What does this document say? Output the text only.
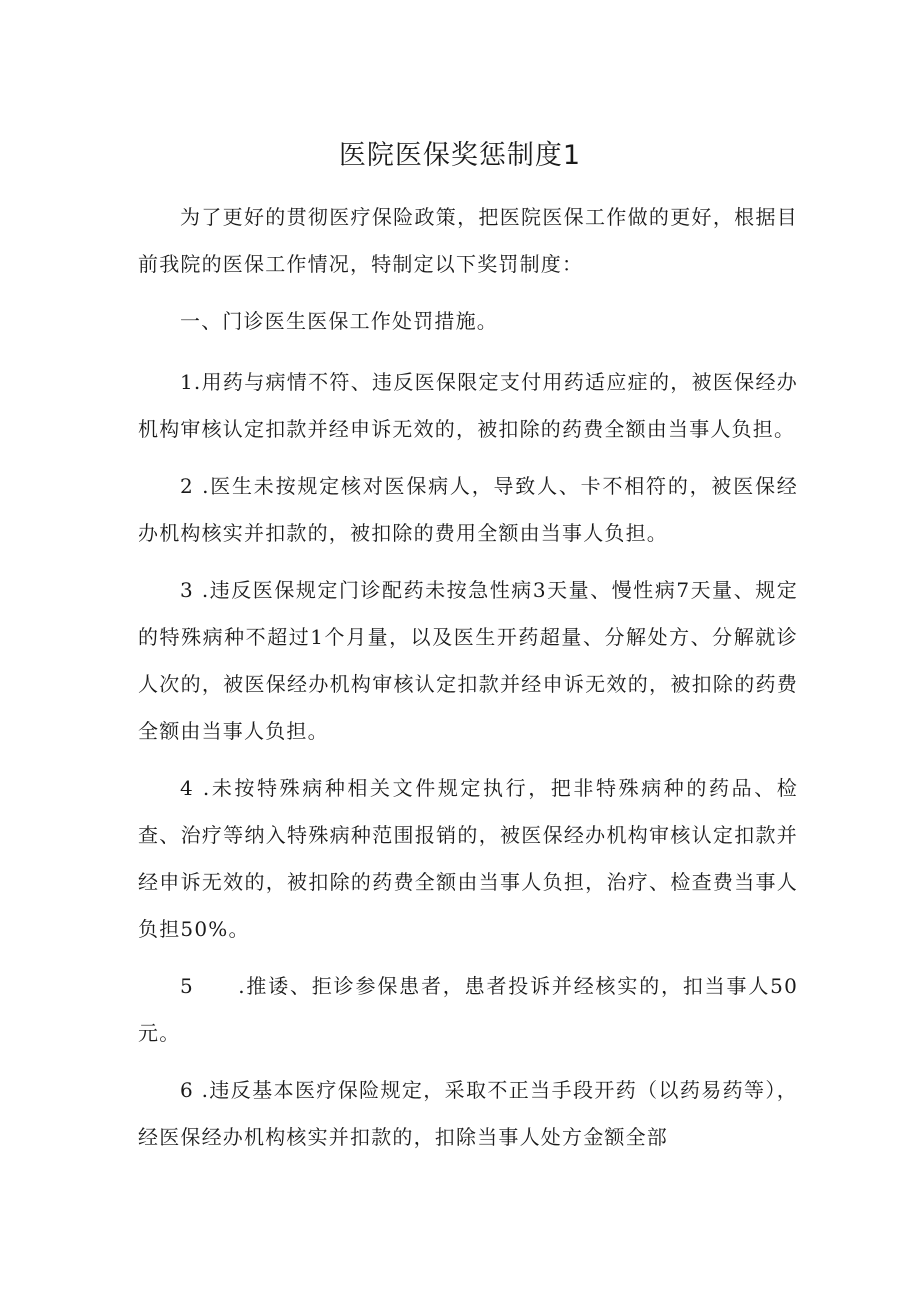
医院医保奖惩制度1

为了更好的贯彻医疗保险政策，把医院医保工作做的更好，根据目前我院的医保工作情况，特制定以下奖罚制度：

一、门诊医生医保工作处罚措施。

1.用药与病情不符、违反医保限定支付用药适应症的，被医保经办机构审核认定扣款并经申诉无效的，被扣除的药费全额由当事人负担。

2 .医生未按规定核对医保病人，导致人、卡不相符的，被医保经办机构核实并扣款的，被扣除的费用全额由当事人负担。

3 .违反医保规定门诊配药未按急性病3天量、慢性病7天量、规定的特殊病种不超过1个月量，以及医生开药超量、分解处方、分解就诊人次的，被医保经办机构审核认定扣款并经申诉无效的，被扣除的药费全额由当事人负担。

4 .未按特殊病种相关文件规定执行，把非特殊病种的药品、检查、治疗等纳入特殊病种范围报销的，被医保经办机构审核认定扣款并经申诉无效的，被扣除的药费全额由当事人负担，治疗、检查费当事人负担50%。

5　　.推诿、拒诊参保患者，患者投诉并经核实的，扣当事人50元。

6 .违反基本医疗保险规定，采取不正当手段开药（以药易药等），经医保经办机构核实并扣款的，扣除当事人处方金额全部
